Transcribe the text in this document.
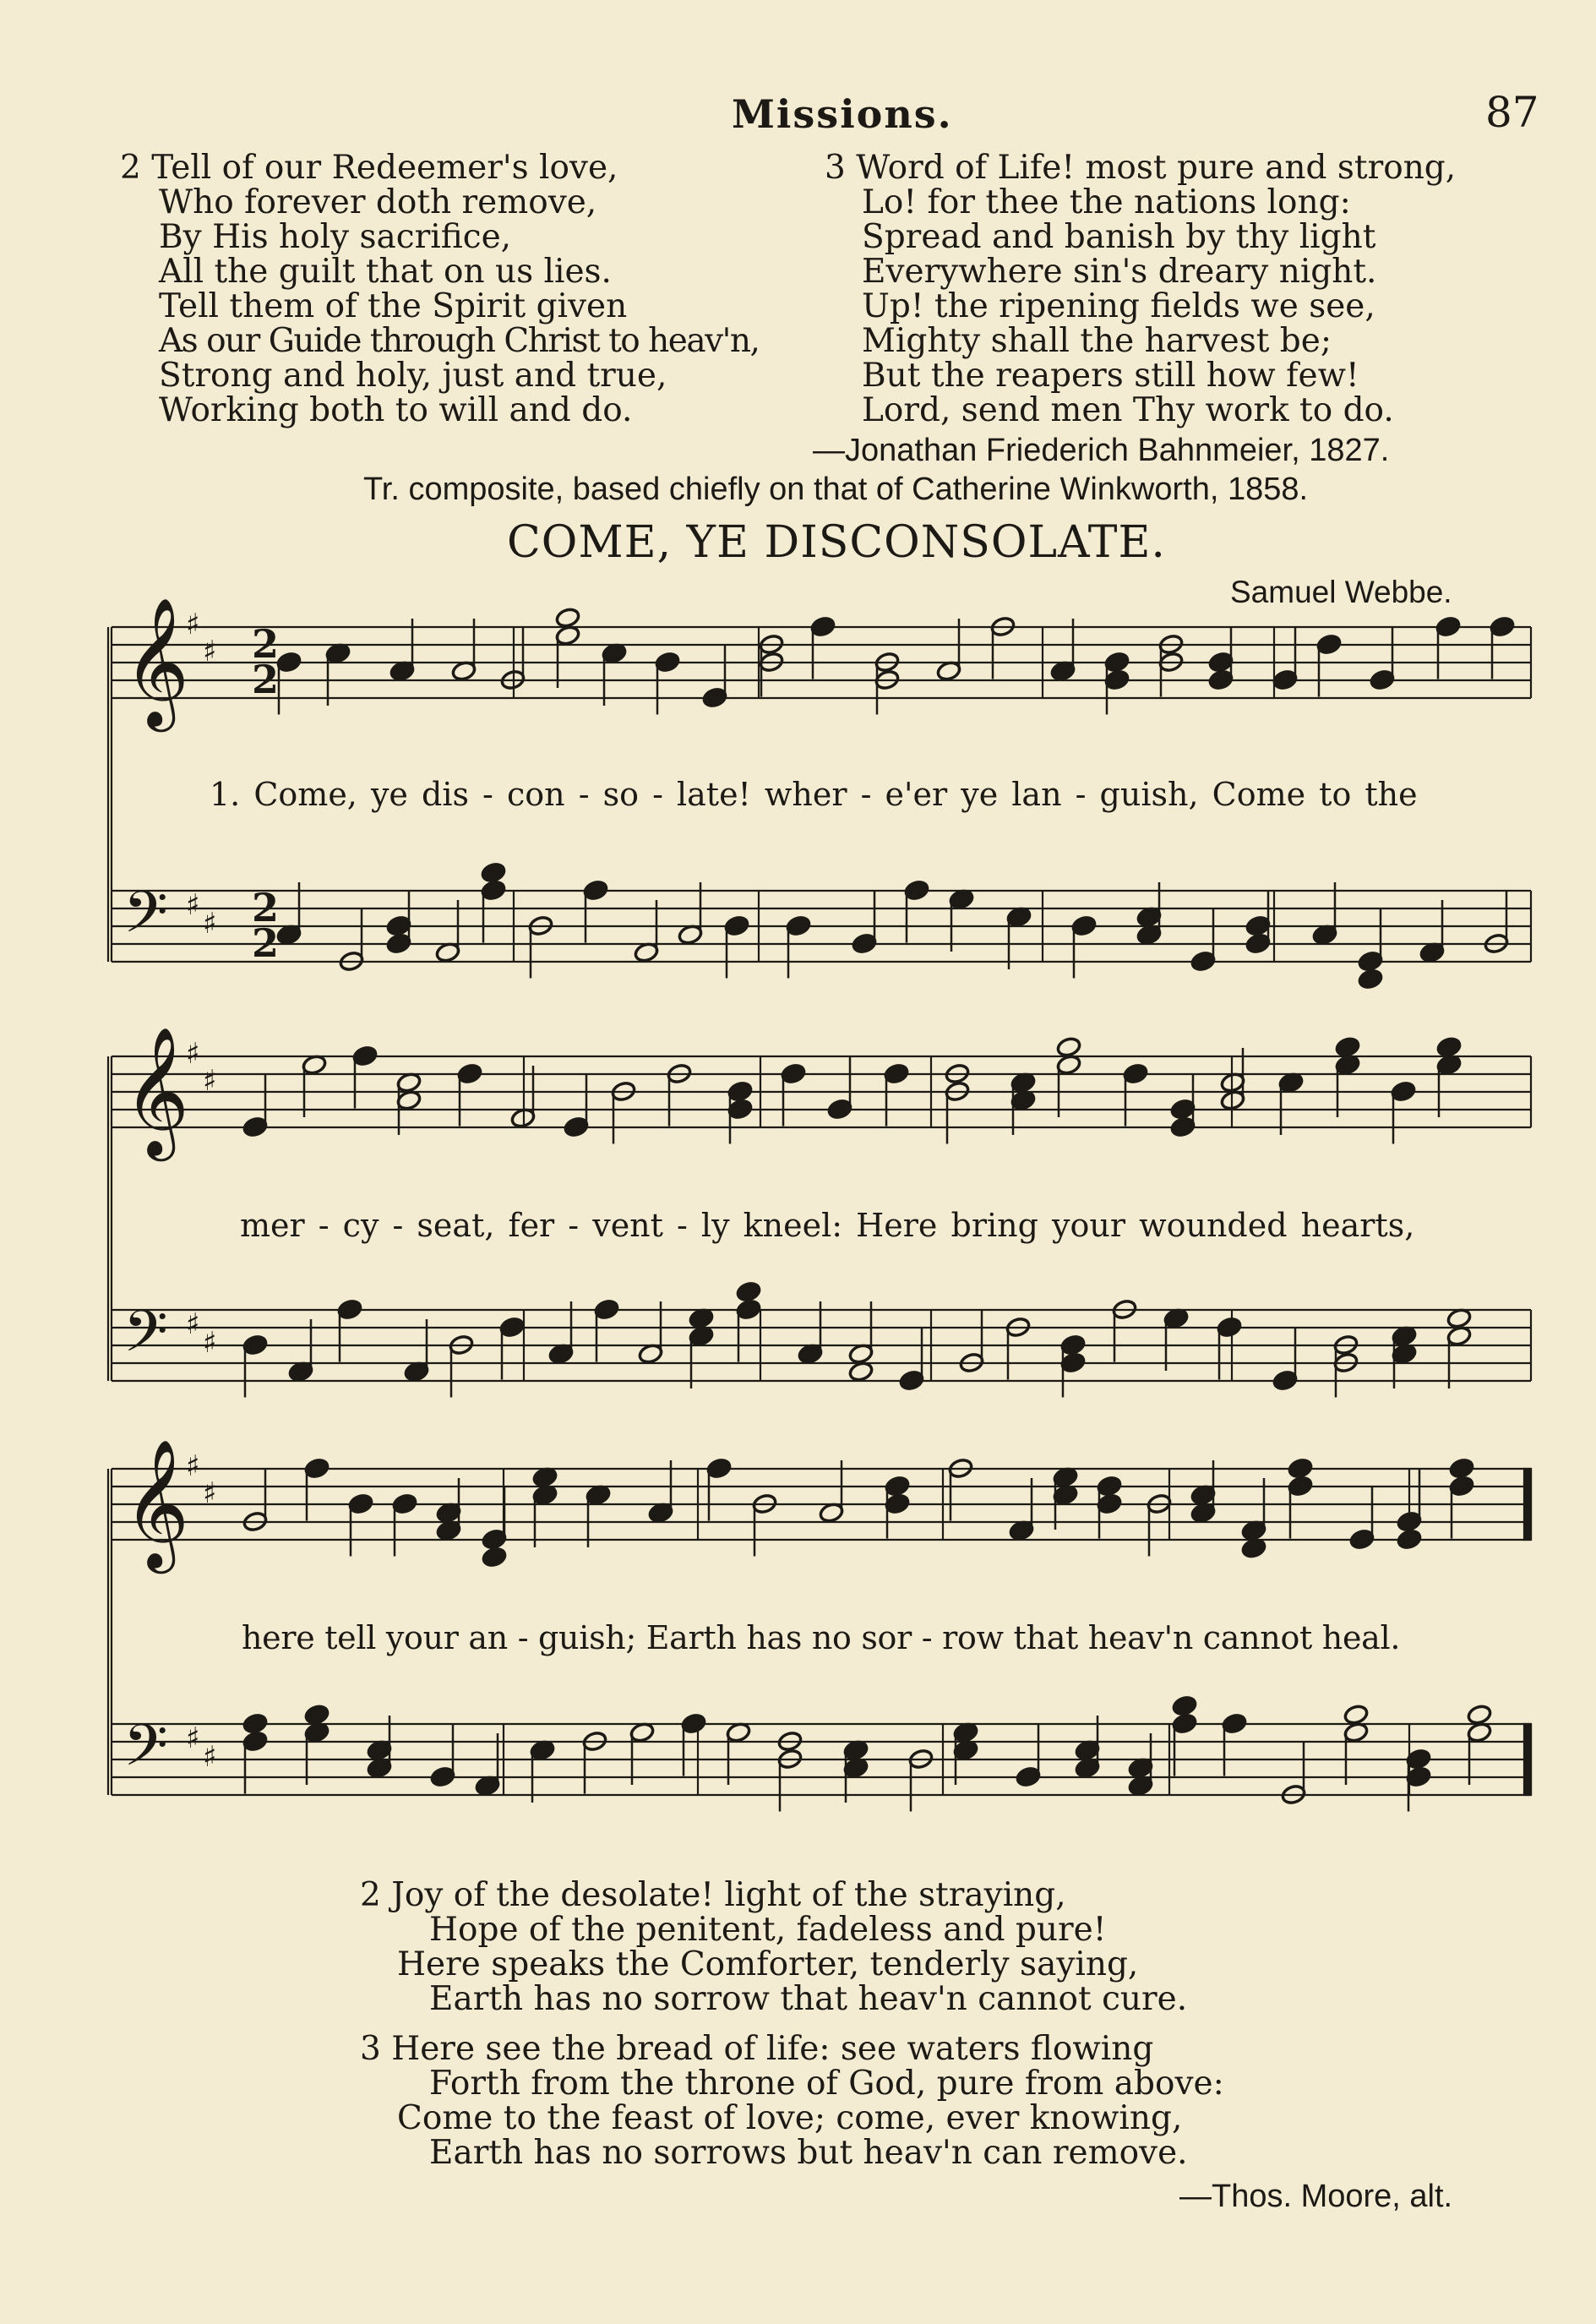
Missions.	87
2 Tell of our Redeemer's love,
Who forever doth remove,
By His holy sacrifice,
All the guilt that on us lies.
Tell them of the Spirit given
As our Guide through Christ to heav'n,
Strong and holy, just and true,
Working both to will and do.
3 Word of Life! most pure and strong,
Lo! for thee the nations long:
Spread and banish by thy light
Everywhere sin's dreary night.
Up! the ripening fields we see,
Mighty shall the harvest be;
But the reapers still how few!
Lord, send men Thy work to do.
—Jonathan Friederich Bahnmeier, 1827.
Tr. composite, based chiefly on that of Catherine Winkworth, 1858.
COME, YE DISCONSOLATE.
Samuel Webbe.
𝄞
♯
♯
𝄢 ♯
♯
𝄞
♯
♯
𝄢 ♯
♯
𝄞
♯
♯
𝄢 ♯
♯
2
2
2
2
1. Come, ye dis - con - so - late! wher - e'er ye lan - guish, Come to the
mer - cy - seat, fer - vent - ly kneel: Here bring your wounded hearts,
here tell your an - guish; Earth has no sor - row that heav'n cannot heal.
2 Joy of the desolate! light of the straying,
Hope of the penitent, fadeless and pure!
Here speaks the Comforter, tenderly saying,
Earth has no sorrow that heav'n cannot cure.
3 Here see the bread of life: see waters flowing
Forth from the throne of God, pure from above:
Come to the feast of love; come, ever knowing,
Earth has no sorrows but heav'n can remove.
—Thos. Moore, alt.
